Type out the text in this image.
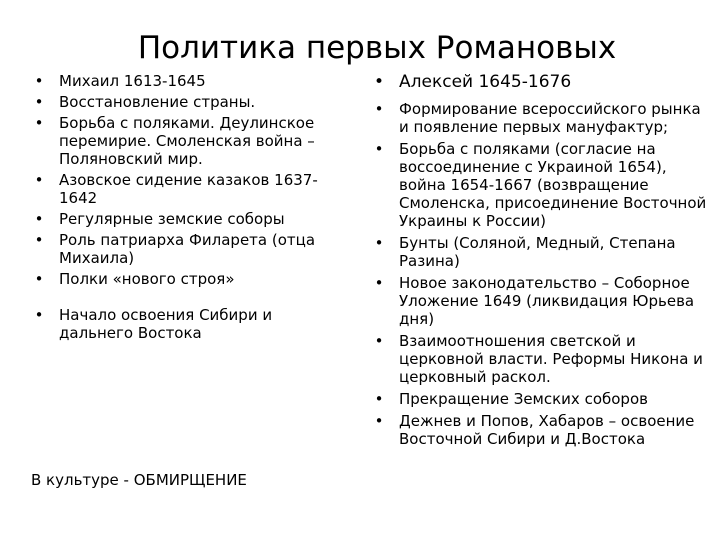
Политика первых Романовых
• Михаил 1613-1645
• Восстановление страны.
• Борьба с поляками. Деулинское перемирие. Смоленская война – Поляновский мир.
• Азовское сидение казаков 1637-1642
• Регулярные земские соборы
• Роль патриарха Филарета (отца Михаила)
• Полки «нового строя»
• Начало освоения Сибири и дальнего Востока
• Алексей 1645-1676
• Формирование всероссийского рынка и появление первых мануфактур;
• Борьба с поляками (согласие на воссоединение с Украиной 1654), война 1654-1667 (возвращение Смоленска, присоединение Восточной Украины к России)
• Бунты (Соляной, Медный, Степана Разина)
• Новое законодательство – Соборное Уложение 1649 (ликвидация Юрьева дня)
• Взаимоотношения светской и церковной власти. Реформы Никона и церковный раскол.
• Прекращение Земских соборов
• Дежнев и Попов, Хабаров – освоение Восточной Сибири и Д.Востока
В культуре - ОБМИРЩЕНИЕ
